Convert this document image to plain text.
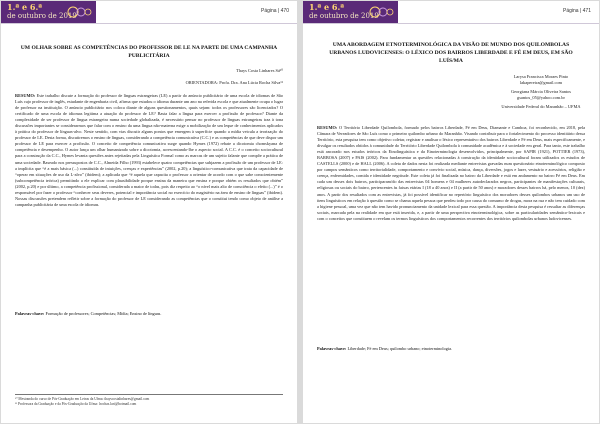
1.ª e 6.ª
de outubro de 2019
Página | 470
UM OLHAR SOBRE AS COMPETÊNCIAS DO PROFESSOR DE LE NA PARTE DE UMA CAMPANHA PUBLICITÁRIA
Thays Costa Linhares Sá¹⁰
ORIENTADORA: Profa. Dra. Ana Lúcia Rocha Silva¹¹
RESUMO: Este trabalho discute a formação do professor de línguas estrangeiras (LE) a partir do anúncio publicitário de uma escola de idiomas de São Luís cujo professor de inglês, estudante de engenharia civil, afirma que estudou o idioma durante um ano na referida escola e que atualmente ocupa o lugar de professor na instituição. O anúncio publicitário nos coloca diante de alguns questionamentos, quais sejam: todos os professores são licenciados? O certificado de uma escola de idiomas legitima a atuação do professor de LE? Basta falar a língua para exercer a profissão de professor? Diante da complexidade de ser professor de língua estrangeira numa sociedade globalizada, é necessário pensar no professor de línguas estrangeiras traz à tona discussões importantes se considerarmos que falar com o ensino da uma língua não-materna exige a mobilização de um leque de conhecimentos aplicados à prática do professor de línguas-alvo. Neste sentido, com vias discutir alguns pontos que emergem à superfície quando a mídia veicula a teorização do professor de LE. Desta forma, discutiremos o ensino de línguas, considerando a competência comunicativa (C.C.) e as competências de que deve dispor um professor de LE para exercer a profissão. O conceito de competência comunicativa surge quando Hymes (1972) rebate a dicotomia chomskyana de competência e desempenho. O autor lança um olhar humanizado sobre a dicotomia, acrescentando-lhe o aspecto social. A C.C. é o conceito sociocultural para a construção da C.C., Hymes levanta questões antes rejeitadas pela Linguística Formal como as marcas de um sujeito falante que compõe a prática de uma sociedade. Baseado nos pressupostos de C.C., Almeida Filho (1993) estabelece quatro competências que subjazem a profissão de um professor de LE: a implícita que “é a mais básica (...) constituída de intuições, crenças e experiências” (2002, p.20); a linguístico-comunicativa que trata da capacidade de “operar em situações de uso da L-alvo” (ibidem); a aplicada que “é aquela que capacita o professor a orientar de acordo com o que sabe conscientemente (subcompetência teórica) permitindo a ele explicar com plausibilidade porque ensina da maneira que ensina e porque obtém os resultados que obtém” (2002, p.20) e por último, a competência profissional, considerada a maior de todas, pois diz respeito ao “o nível mais alto de consciência o efeito (...)” é o responsável por fazer o professor “conhecer seus deveres, potencial e importância social no exercício do magistério na área de ensino de línguas” (ibidem). Nossas discussões pretendem refletir sobre a formação do professor de LE considerando as competências que o constitui tendo como objeto de análise a campanha publicitária de uma escola de idiomas.
Palavras-chave: Formação de professores; Competências; Mídia; Ensino de línguas.
¹⁰ Mestranda do curso de Pós-Graduação em Letras da Ufma: thayscostalinhares@gmail.com
¹¹ Professora da Graduação e da Pós-Graduação da Ufma: lrochas.lari@hotmail.com
1.ª e 6.ª
de outubro de 2019
Página | 471
UMA ABORDAGEM ETNOTERMINOLÓGICA DA VISÃO DE MUNDO DOS QUILOMBOLAS URBANOS LUDOVICENSES: O LÉXICO DOS BAIRROS LIBERDADE E FÉ EM DEUS, EM SÃO LUÍS/MA
Larysa Francisca Moraes Pinto
lakapereira@gmail.com
Georgiana Márcia Oliveira Santos
gsantos_05@yahoo.com.br
Universidade Federal do Maranhão – UFMA
RESUMO: O Território Liberdade Quilombola, formado pelos bairros Liberdade, Fé em Deus, Diamante e Camboa, foi reconhecido, em 2018, pela Câmara de Vereadores de São Luís como o primeiro quilombo urbano do Maranhão. Visando contribuir para o fortalecimento do processo identitário dessa Território, esta pesquisa tem como objetivo coletar, registrar e analisar o léxico representativo dos bairros Liberdade e Fé em Deus, mais especificamente, e divulgar os resultados obtidos à comunidade do Território Liberdade Quilombola à comunidade acadêmica e à sociedade em geral. Para tanto, este trabalho está ancorado nos estudos teóricos da Etnolinguística e da Etnoterminologia desenvolvidos, principalmente, por SAPIR (1921), POTTIER (1973), BARBOSA (2007) e PAIS (2002). Para fundamentar as questões relacionadas à construção da identidade sociocultural foram utilizados os estudos de CASTELLS (2000) e de HALL (2006). A coleta de dados nesta foi realizada mediante entrevistas gravadas num questionário etnoterminológico composto por campos semânticos como territorialidade, comportamento e convívio social, música, dança, diversões, jogos e lazer, vestuário e acessórios, religião e crença, enfermidades, comida e identidade negritude. Este coleta já foi finalizada no bairro da Liberdade e está em andamento no bairro Fé em Deus. Em cada um desses dois bairros, participaram/do das entrevistas 04 homens e 04 mulheres autodeclarados negros, participantes de manifestações culturais, religiosas ou sociais do bairro, pertencentes às faixas etárias I (18 a 40 anos) e II (a partir de 50 anos) e moradores desses bairros há, pelo menos, 10 (dez) anos. A partir dos resultados com as entrevistas, já foi possível identificar no repertório linguístico dos moradores desses quilombos urbanos um uso de itens linguísticos em relação à questão como se chama aquela pessoa que perdeu todo por causa do consumo de drogas, mora na rua e não tem cuidado com a higiene pessoal, uma vez que não tem havido pronunciamento da unidade lexical para essa questão. A importância desta pesquisa é ressaltar as diferenças sociais, marcada pela na realidade em que está inserida, e, a partir de uma perspectiva etnoterminológica, sobre as particularidades semântico-lexicais e com o conceitos que constituem o revelam os termos linguísticos dos comportamentos recorrentes dos territórios quilombolas urbanos ludovicenses.
Palavras-chave: Liberdade; Fé em Deus; quilombo urbano; etnoterminologia.
